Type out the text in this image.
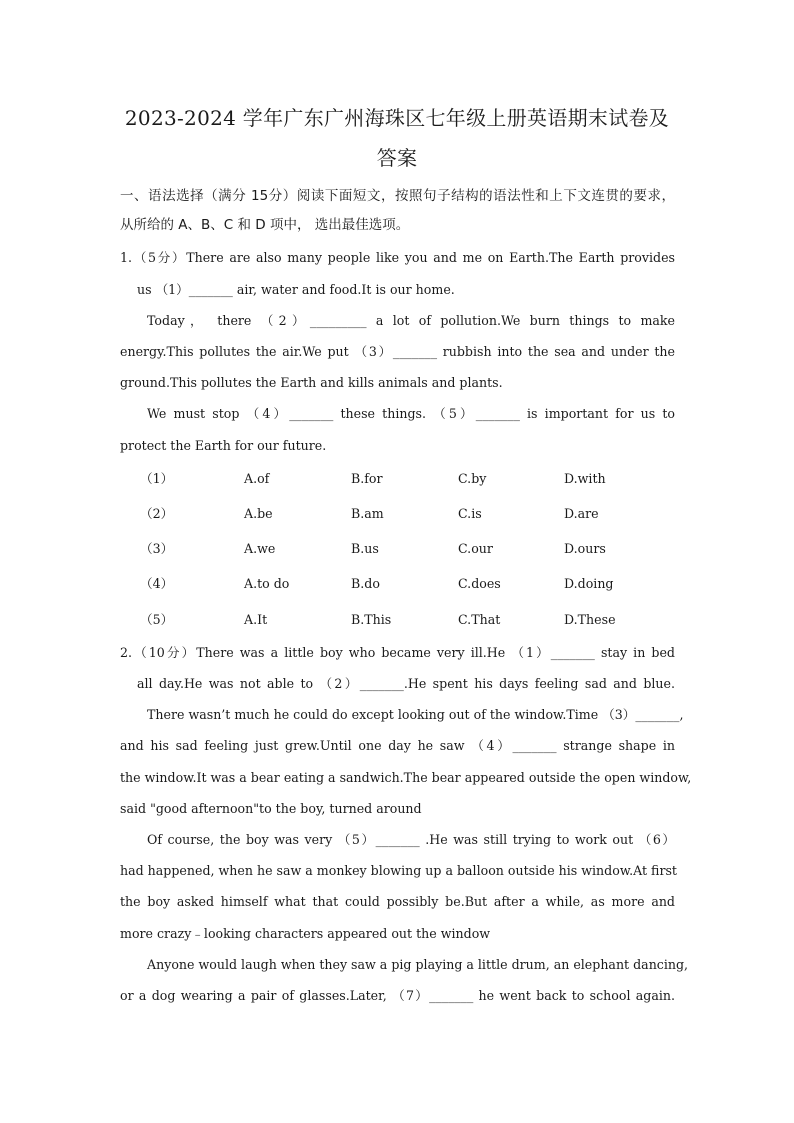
2023-2024 学年广东广州海珠区七年级上册英语期末试卷及
答案
一、语法选择（满分 15分）阅读下面短文，按照句子结构的语法性和上下文连贯的要求，
从所给的 A、B、C 和 D 项中， 选出最佳选项。
1.（5分）There are also many people like you and me on Earth.The Earth provides
us （1）_______ air, water and food.It is our home.
Today， there （2）_________ a lot of pollution.We burn things to make
energy.This pollutes the air.We put （3）_______ rubbish into the sea and under the
ground.This pollutes the Earth and kills animals and plants.
We must stop （4）_______ these things. （5）_______ is important for us to
protect the Earth for our future.
（1）	A.of	B.for	C.by	D.with
（2）	A.be	B.am	C.is	D.are
（3）	A.we	B.us	C.our	D.ours
（4）	A.to do	B.do	C.does	D.doing
（5）	A.It	B.This	C.That	D.These
2.（10分）There was a little boy who became very ill.He （1）_______ stay in bed
all day.He was not able to （2）_______.He spent his days feeling sad and blue.
There wasn’t much he could do except looking out of the window.Time （3）_______,
and his sad feeling just grew.Until one day he saw （4）_______ strange shape in
the window.It was a bear eating a sandwich.The bear appeared outside the open window,
said "good afternoon"to the boy, turned around
Of course, the boy was very （5）_______ .He was still trying to work out （6）
had happened, when he saw a monkey blowing up a balloon outside his window.At first
the boy asked himself what that could possibly be.But after a while, as more and
more crazy﹣looking characters appeared out the window
Anyone would laugh when they saw a pig playing a little drum, an elephant dancing,
or a dog wearing a pair of glasses.Later, （7）_______ he went back to school again.
